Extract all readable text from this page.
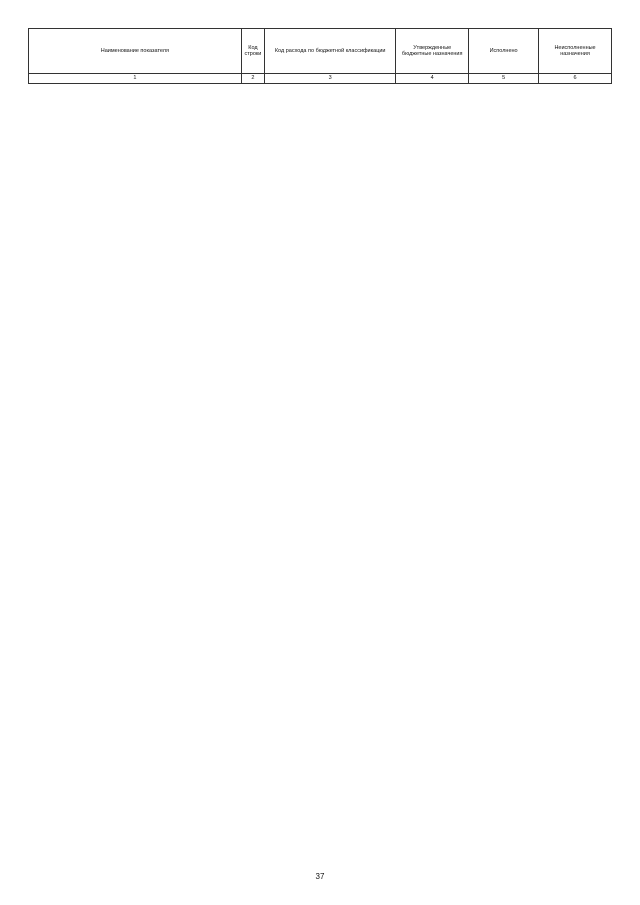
Наименование показателя	Код строки	Код расхода по бюджетной классификации	Утвержденные бюджетные назначения	Исполнено	Неисполненные назначения
1	2	3	4	5	6
37
